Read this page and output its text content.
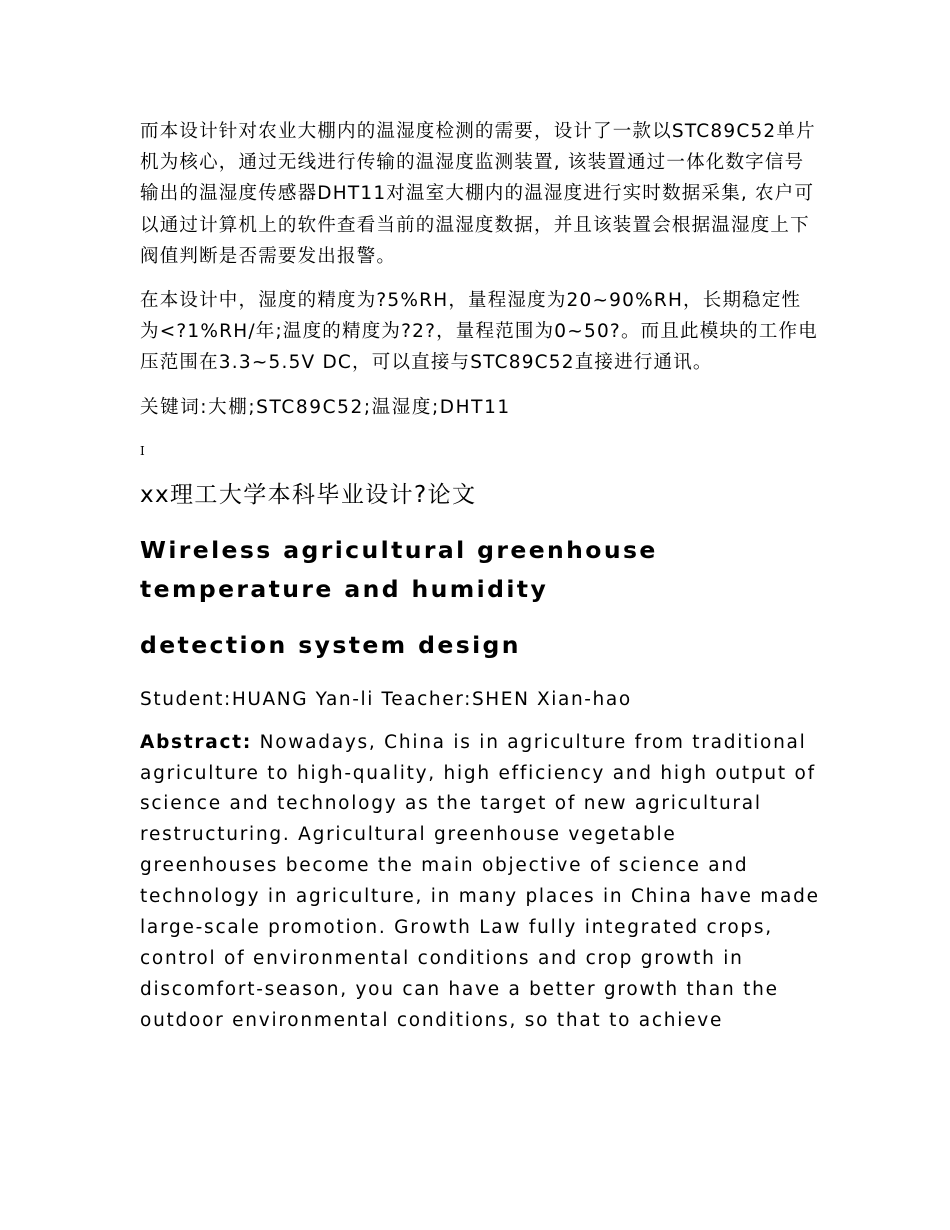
而本设计针对农业大棚内的温湿度检测的需要，设计了一款以STC89C52单片机为核心，通过无线进行传输的温湿度监测装置, 该装置通过一体化数字信号输出的温湿度传感器DHT11对温室大棚内的温湿度进行实时数据采集, 农户可以通过计算机上的软件查看当前的温湿度数据，并且该装置会根据温湿度上下阀值判断是否需要发出报警。

在本设计中，湿度的精度为?5%RH，量程湿度为20~90%RH，长期稳定性为<?1%RH/年;温度的精度为?2?，量程范围为0~50?。而且此模块的工作电压范围在3.3~5.5V DC，可以直接与STC89C52直接进行通讯。

关键词:大棚;STC89C52;温湿度;DHT11

I

xx理工大学本科毕业设计?论文

Wireless agricultural greenhouse temperature and humidity

detection system design

Student:HUANG Yan-li Teacher:SHEN Xian-hao

Abstract: Nowadays, China is in agriculture from traditional agriculture to high-quality, high efficiency and high output of science and technology as the target of new agricultural restructuring. Agricultural greenhouse vegetable greenhouses become the main objective of science and technology in agriculture, in many places in China have made large-scale promotion. Growth Law fully integrated crops, control of environmental conditions and crop growth in discomfort-season, you can have a better growth than the outdoor environmental conditions, so that to achieve
